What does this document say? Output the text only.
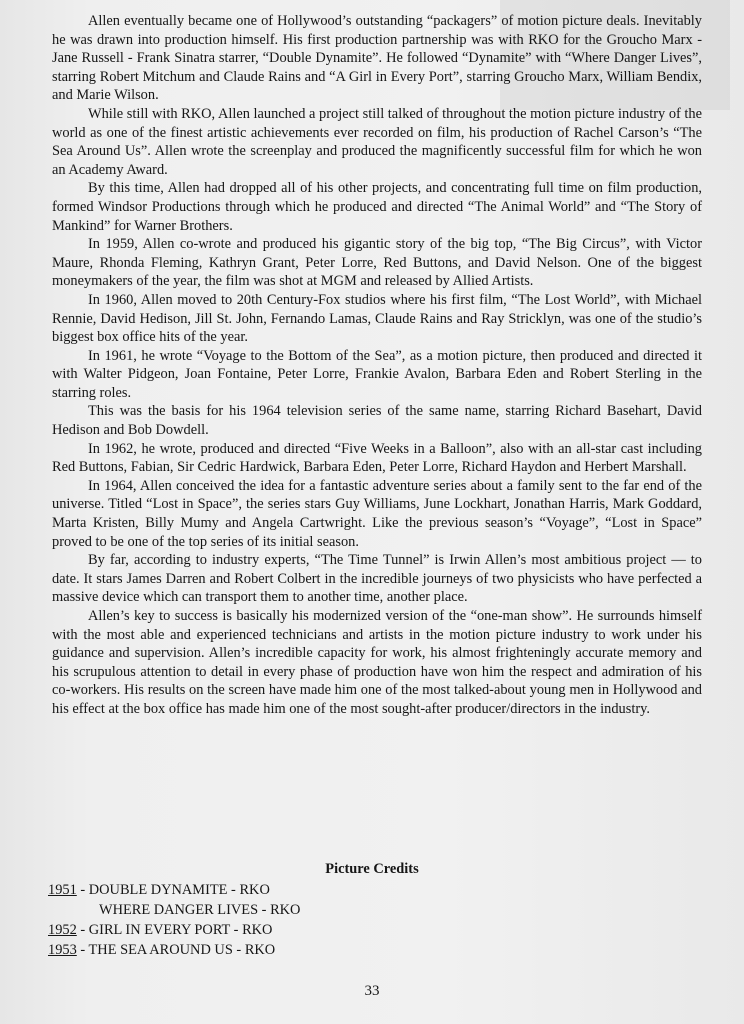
Allen eventually became one of Hollywood’s outstanding “packagers” of motion picture deals. Inevitably he was drawn into production himself. His first production partnership was with RKO for the Groucho Marx - Jane Russell - Frank Sinatra starrer, “Double Dynamite”. He followed “Dynamite” with “Where Danger Lives”, starring Robert Mitchum and Claude Rains and “A Girl in Every Port”, starring Groucho Marx, William Bendix, and Marie Wilson.

While still with RKO, Allen launched a project still talked of throughout the motion picture industry of the world as one of the finest artistic achievements ever recorded on film, his production of Rachel Carson’s “The Sea Around Us”. Allen wrote the screenplay and produced the magnificently successful film for which he won an Academy Award.

By this time, Allen had dropped all of his other projects, and concentrating full time on film production, formed Windsor Productions through which he produced and directed “The Animal World” and “The Story of Mankind” for Warner Brothers.

In 1959, Allen co-wrote and produced his gigantic story of the big top, “The Big Circus”, with Victor Maure, Rhonda Fleming, Kathryn Grant, Peter Lorre, Red Buttons, and David Nelson. One of the biggest moneymakers of the year, the film was shot at MGM and released by Allied Artists.

In 1960, Allen moved to 20th Century-Fox studios where his first film, “The Lost World”, with Michael Rennie, David Hedison, Jill St. John, Fernando Lamas, Claude Rains and Ray Stricklyn, was one of the studio’s biggest box office hits of the year.

In 1961, he wrote “Voyage to the Bottom of the Sea”, as a motion picture, then produced and directed it with Walter Pidgeon, Joan Fontaine, Peter Lorre, Frankie Avalon, Barbara Eden and Robert Sterling in the starring roles.

This was the basis for his 1964 television series of the same name, starring Richard Basehart, David Hedison and Bob Dowdell.

In 1962, he wrote, produced and directed “Five Weeks in a Balloon”, also with an all-star cast including Red Buttons, Fabian, Sir Cedric Hardwick, Barbara Eden, Peter Lorre, Richard Haydon and Herbert Marshall.

In 1964, Allen conceived the idea for a fantastic adventure series about a family sent to the far end of the universe. Titled “Lost in Space”, the series stars Guy Williams, June Lockhart, Jonathan Harris, Mark Goddard, Marta Kristen, Billy Mumy and Angela Cartwright. Like the previous season’s “Voyage”, “Lost in Space” proved to be one of the top series of its initial season.

By far, according to industry experts, “The Time Tunnel” is Irwin Allen’s most ambitious project — to date. It stars James Darren and Robert Colbert in the incredible journeys of two physicists who have perfected a massive device which can transport them to another time, another place.

Allen’s key to success is basically his modernized version of the “one-man show”. He surrounds himself with the most able and experienced technicians and artists in the motion picture industry to work under his guidance and supervision. Allen’s incredible capacity for work, his almost frighteningly accurate memory and his scrupulous attention to detail in every phase of production have won him the respect and admiration of his co-workers. His results on the screen have made him one of the most talked-about young men in Hollywood and his effect at the box office has made him one of the most sought-after producer/directors in the industry.

Picture Credits
1951 - DOUBLE DYNAMITE - RKO
WHERE DANGER LIVES - RKO
1952 - GIRL IN EVERY PORT - RKO
1953 - THE SEA AROUND US - RKO
33
